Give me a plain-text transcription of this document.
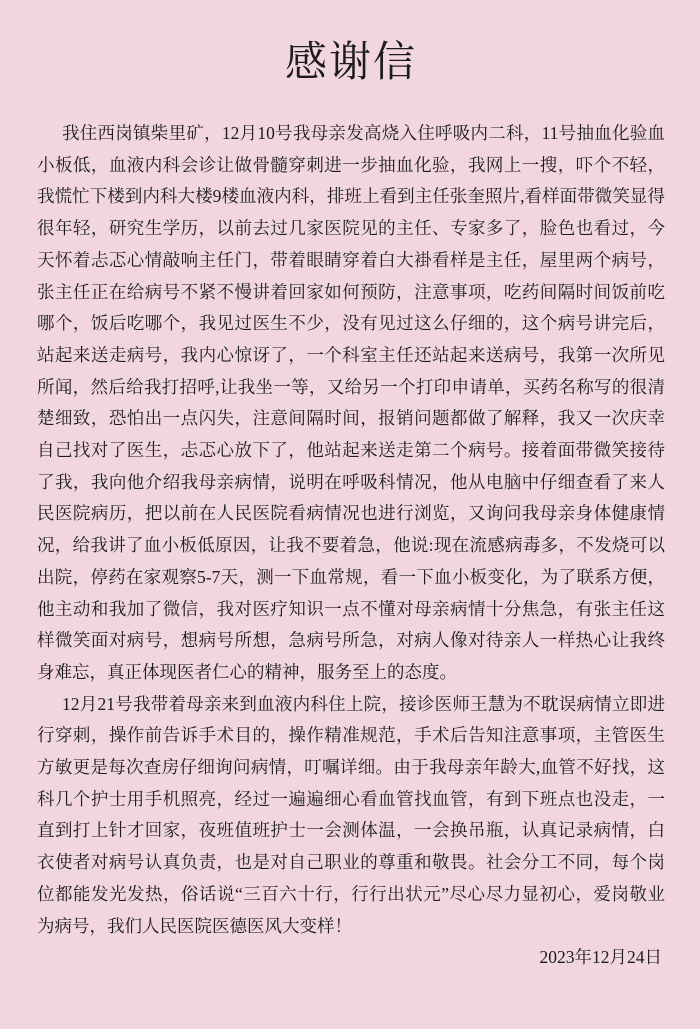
感谢信

我住西岗镇柴里矿，12月10号我母亲发高烧入住呼吸内二科，11号抽血化验血小板低，血液内科会诊让做骨髓穿刺进一步抽血化验，我网上一搜，吓个不轻，我慌忙下楼到内科大楼9楼血液内科，排班上看到主任张奎照片,看样面带微笑显得很年轻，研究生学历，以前去过几家医院见的主任、专家多了，脸色也看过，今天怀着忐忑心情敲响主任门，带着眼睛穿着白大褂看样是主任，屋里两个病号，张主任正在给病号不紧不慢讲着回家如何预防，注意事项，吃药间隔时间饭前吃哪个，饭后吃哪个，我见过医生不少，没有见过这么仔细的，这个病号讲完后，站起来送走病号，我内心惊讶了，一个科室主任还站起来送病号，我第一次所见所闻，然后给我打招呼,让我坐一等，又给另一个打印申请单，买药名称写的很清楚细致，恐怕出一点闪失，注意间隔时间，报销问题都做了解释，我又一次庆幸自己找对了医生，忐忑心放下了，他站起来送走第二个病号。接着面带微笑接待了我，我向他介绍我母亲病情，说明在呼吸科情况，他从电脑中仔细查看了来人民医院病历，把以前在人民医院看病情况也进行浏览，又询问我母亲身体健康情况，给我讲了血小板低原因，让我不要着急，他说:现在流感病毒多，不发烧可以出院，停药在家观察5-7天，测一下血常规，看一下血小板变化，为了联系方便，他主动和我加了微信，我对医疗知识一点不懂对母亲病情十分焦急，有张主任这样微笑面对病号，想病号所想，急病号所急，对病人像对待亲人一样热心让我终身难忘，真正体现医者仁心的精神，服务至上的态度。

12月21号我带着母亲来到血液内科住上院，接诊医师王慧为不耽误病情立即进行穿刺，操作前告诉手术目的，操作精准规范，手术后告知注意事项，主管医生方敏更是每次查房仔细询问病情，叮嘱详细。由于我母亲年龄大,血管不好找，这科几个护士用手机照亮，经过一遍遍细心看血管找血管，有到下班点也没走，一直到打上针才回家，夜班值班护士一会测体温，一会换吊瓶，认真记录病情，白衣使者对病号认真负责，也是对自己职业的尊重和敬畏。社会分工不同，每个岗位都能发光发热，俗话说“三百六十行，行行出状元”尽心尽力显初心，爱岗敬业为病号，我们人民医院医德医风大变样！

2023年12月24日
